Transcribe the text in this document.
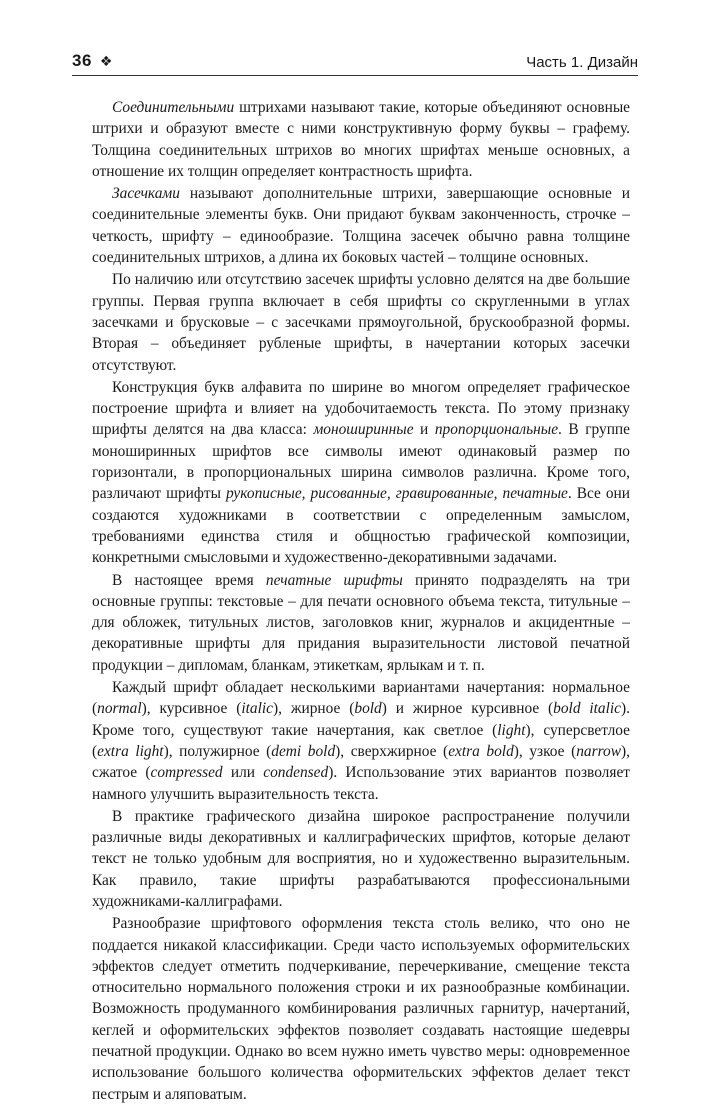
36 ❖	Часть 1. Дизайн

Соединительными штрихами называют такие, которые объединяют основные штрихи и образуют вместе с ними конструктивную форму буквы – графему. Толщина соединительных штрихов во многих шрифтах меньше основных, а отношение их толщин определяет контрастность шрифта.

Засечками называют дополнительные штрихи, завершающие основные и соединительные элементы букв. Они придают буквам законченность, строчке – четкость, шрифту – единообразие. Толщина засечек обычно равна толщине соединительных штрихов, а длина их боковых частей – толщине основных.

По наличию или отсутствию засечек шрифты условно делятся на две большие группы. Первая группа включает в себя шрифты со скругленными в углах засечками и брусковые – с засечками прямоугольной, брускообразной формы. Вторая – объединяет рубленые шрифты, в начертании которых засечки отсутствуют.

Конструкция букв алфавита по ширине во многом определяет графическое построение шрифта и влияет на удобочитаемость текста. По этому признаку шрифты делятся на два класса: моноширинные и пропорциональные. В группе моноширинных шрифтов все символы имеют одинаковый размер по горизонтали, в пропорциональных ширина символов различна. Кроме того, различают шрифты рукописные, рисованные, гравированные, печатные. Все они создаются художниками в соответствии с определенным замыслом, требованиями единства стиля и общностью графической композиции, конкретными смысловыми и художественно-декоративными задачами.

В настоящее время печатные шрифты принято подразделять на три основные группы: текстовые – для печати основного объема текста, титульные – для обложек, титульных листов, заголовков книг, журналов и акцидентные – декоративные шрифты для придания выразительности листовой печатной продукции – дипломам, бланкам, этикеткам, ярлыкам и т. п.

Каждый шрифт обладает несколькими вариантами начертания: нормальное (normal), курсивное (italic), жирное (bold) и жирное курсивное (bold italic). Кроме того, существуют такие начертания, как светлое (light), суперсветлое (extra light), полужирное (demi bold), сверхжирное (extra bold), узкое (narrow), сжатое (compressed или condensed). Использование этих вариантов позволяет намного улучшить выразительность текста.

В практике графического дизайна широкое распространение получили различные виды декоративных и каллиграфических шрифтов, которые делают текст не только удобным для восприятия, но и художественно выразительным. Как правило, такие шрифты разрабатываются профессиональными художниками-каллиграфами.

Разнообразие шрифтового оформления текста столь велико, что оно не поддается никакой классификации. Среди часто используемых оформительских эффектов следует отметить подчеркивание, перечеркивание, смещение текста относительно нормального положения строки и их разнообразные комбинации. Возможность продуманного комбинирования различных гарнитур, начертаний, кеглей и оформительских эффектов позволяет создавать настоящие шедевры печатной продукции. Однако во всем нужно иметь чувство меры: одновременное использование большого количества оформительских эффектов делает текст пестрым и аляповатым.
